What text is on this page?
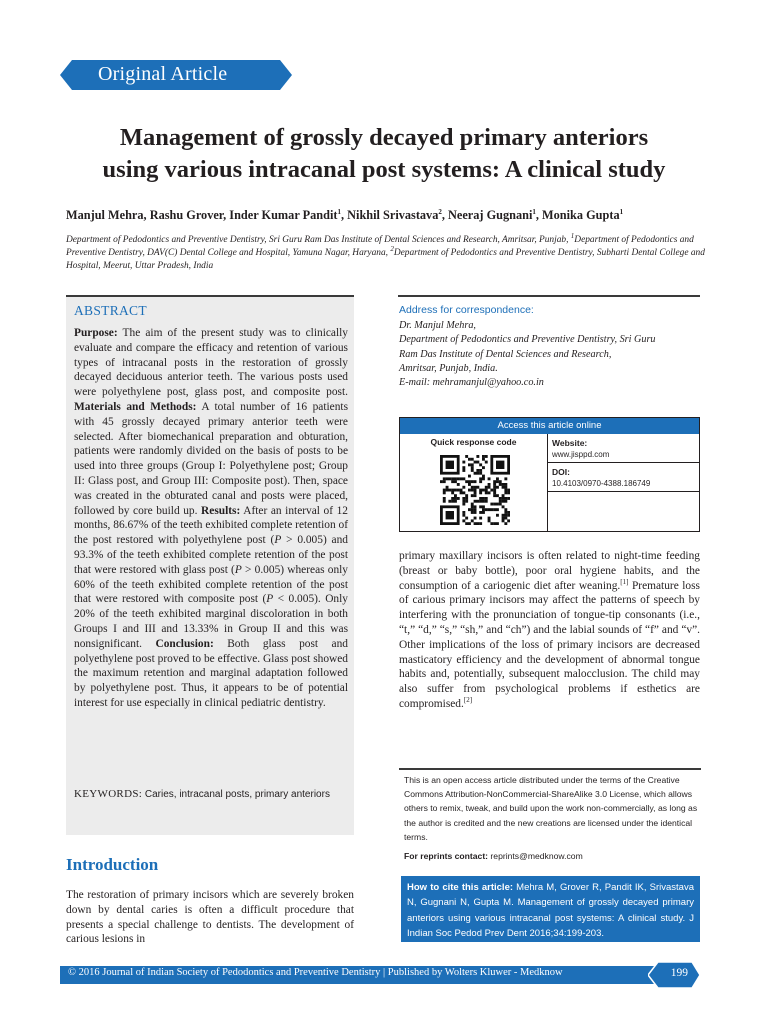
Original Article
Management of grossly decayed primary anteriors
using various intracanal post systems: A clinical study
Manjul Mehra, Rashu Grover, Inder Kumar Pandit$^1$, Nikhil Srivastava$^2$, Neeraj Gugnani$^1$, Monika Gupta$^1$
Department of Pedodontics and Preventive Dentistry, Sri Guru Ram Das Institute of Dental Sciences and Research, Amritsar, Punjab, $^1$Department of Pedodontics and Preventive Dentistry, DAV(C) Dental College and Hospital, Yamuna Nagar, Haryana, $^2$Department of Pedodontics and Preventive Dentistry, Subharti Dental College and Hospital, Meerut, Uttar Pradesh, India
ABSTRACT
Purpose: The aim of the present study was to clinically evaluate and compare the efficacy and retention of various types of intracanal posts in the restoration of grossly decayed deciduous anterior teeth. The various posts used were polyethylene post, glass post, and composite post. Materials and Methods: A total number of 16 patients with 45 grossly decayed primary anterior teeth were selected. After biomechanical preparation and obturation, patients were randomly divided on the basis of posts to be used into three groups (Group I: Polyethylene post; Group II: Glass post, and Group III: Composite post). Then, space was created in the obturated canal and posts were placed, followed by core build up. Results: After an interval of 12 months, 86.67% of the teeth exhibited complete retention of the post restored with polyethylene post (P > 0.005) and 93.3% of the teeth exhibited complete retention of the post that were restored with glass post (P > 0.005) whereas only 60% of the teeth exhibited complete retention of the post that were restored with composite post (P < 0.005). Only 20% of the teeth exhibited marginal discoloration in both Groups I and III and 13.33% in Group II and this was nonsignificant. Conclusion: Both glass post and polyethylene post proved to be effective. Glass post showed the maximum retention and marginal adaptation followed by polyethylene post. Thus, it appears to be of potential interest for use especially in clinical pediatric dentistry.
KEYWORDS: Caries, intracanal posts, primary anteriors
Introduction
The restoration of primary incisors which are severely broken down by dental caries is often a difficult procedure that presents a special challenge to dentists. The development of carious lesions in
Address for correspondence:
Dr. Manjul Mehra,
Department of Pedodontics and Preventive Dentistry, Sri Guru
Ram Das Institute of Dental Sciences and Research,
Amritsar, Punjab, India.
E-mail: mehramanjul@yahoo.co.in
Access this article online
Quick response code	Website:
www.jisppd.com
DOI:
10.4103/0970-4388.186749
primary maxillary incisors is often related to night-time feeding (breast or baby bottle), poor oral hygiene habits, and the consumption of a cariogenic diet after weaning.[1] Premature loss of carious primary incisors may affect the patterns of speech by interfering with the pronunciation of tongue-tip consonants (i.e., “t,” “d,” “s,” “sh,” and “ch”) and the labial sounds of “f” and “v”. Other implications of the loss of primary incisors are decreased masticatory efficiency and the development of abnormal tongue habits and, potentially, subsequent malocclusion. The child may also suffer from psychological problems if esthetics are compromised.[2]
This is an open access article distributed under the terms of the Creative Commons Attribution-NonCommercial-ShareAlike 3.0 License, which allows others to remix, tweak, and build upon the work non-commercially, as long as the author is credited and the new creations are licensed under the identical terms.
For reprints contact: reprints@medknow.com
How to cite this article: Mehra M, Grover R, Pandit IK, Srivastava N, Gugnani N, Gupta M. Management of grossly decayed primary anteriors using various intracanal post systems: A clinical study. J Indian Soc Pedod Prev Dent 2016;34:199-203.
© 2016 Journal of Indian Society of Pedodontics and Preventive Dentistry | Published by Wolters Kluwer - Medknow	199
